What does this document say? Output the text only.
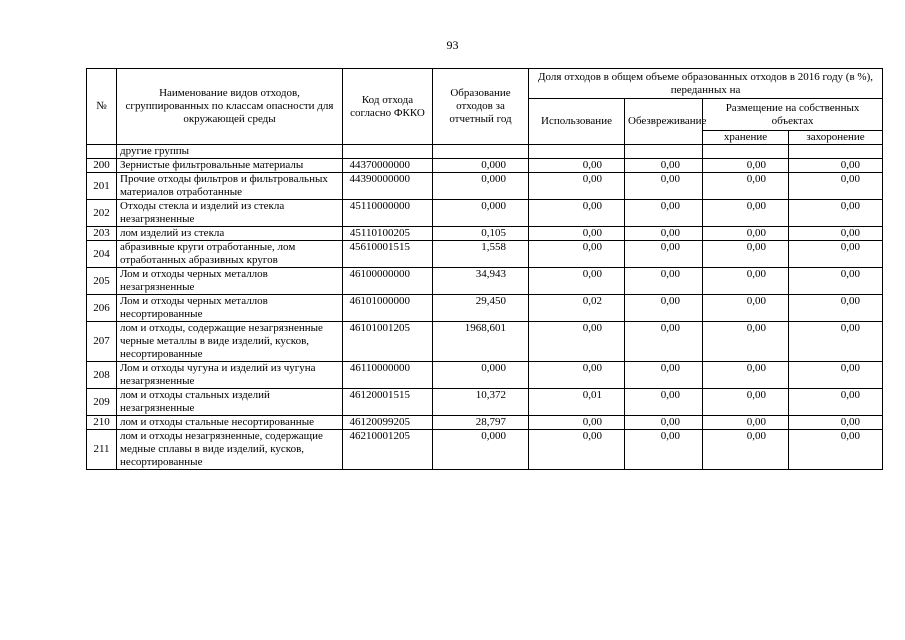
93
№	Наименование видов отходов, сгруппированных по классам опасности для окружающей среды	Код отхода согласно ФККО	Образование отходов за отчетный год	Доля отходов в общем объеме образованных отходов в 2016 году (в %), переданных на			
				Использование	Обезвреживание	Размещение на собственных объектах	
						хранение	захоронение
	другие группы						
200	Зернистые фильтровальные материалы	44370000000	0,000	0,00	0,00	0,00	0,00
201	Прочие отходы фильтров и фильтровальных материалов отработанные	44390000000	0,000	0,00	0,00	0,00	0,00
202	Отходы стекла и изделий из стекла незагрязненные	45110000000	0,000	0,00	0,00	0,00	0,00
203	лом изделий из стекла	45110100205	0,105	0,00	0,00	0,00	0,00
204	абразивные круги отработанные, лом отработанных абразивных кругов	45610001515	1,558	0,00	0,00	0,00	0,00
205	Лом и отходы черных металлов незагрязненные	46100000000	34,943	0,00	0,00	0,00	0,00
206	Лом и отходы черных металлов несортированные	46101000000	29,450	0,02	0,00	0,00	0,00
207	лом и отходы, содержащие незагрязненные черные металлы в виде изделий, кусков, несортированные	46101001205	1968,601	0,00	0,00	0,00	0,00
208	Лом и отходы чугуна и изделий из чугуна незагрязненные	46110000000	0,000	0,00	0,00	0,00	0,00
209	лом и отходы стальных изделий незагрязненные	46120001515	10,372	0,01	0,00	0,00	0,00
210	лом и отходы стальные несортированные	46120099205	28,797	0,00	0,00	0,00	0,00
211	лом и отходы незагрязненные, содержащие медные сплавы в виде изделий, кусков, несортированные	46210001205	0,000	0,00	0,00	0,00	0,00
